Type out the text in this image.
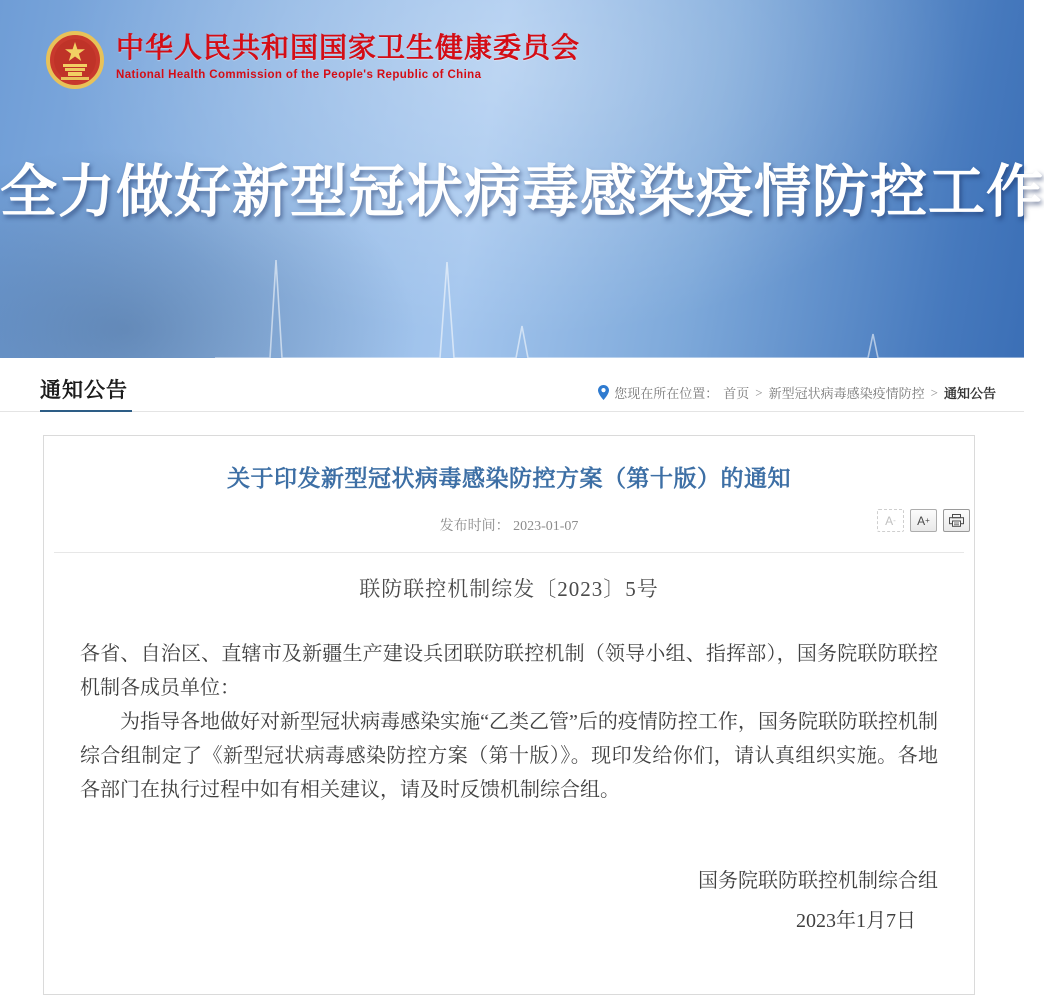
中华人民共和国国家卫生健康委员会
National Health Commission of the People's Republic of China
全力做好新型冠状病毒感染疫情防控工作
通知公告	您现在所在位置： 首页 > 新型冠状病毒感染疫情防控 > 通知公告
关于印发新型冠状病毒感染防控方案（第十版）的通知
发布时间： 2023-01-07	A - A +
联防联控机制综发〔2023〕5号

各省、自治区、直辖市及新疆生产建设兵团联防联控机制（领导小组、指挥部），国务院联防联控机制各成员单位：

为指导各地做好对新型冠状病毒感染实施“乙类乙管”后的疫情防控工作，国务院联防联控机制综合组制定了《新型冠状病毒感染防控方案（第十版）》。现印发给你们，请认真组织实施。各地各部门在执行过程中如有相关建议，请及时反馈机制综合组。

国务院联防联控机制综合组
2023年1月7日
